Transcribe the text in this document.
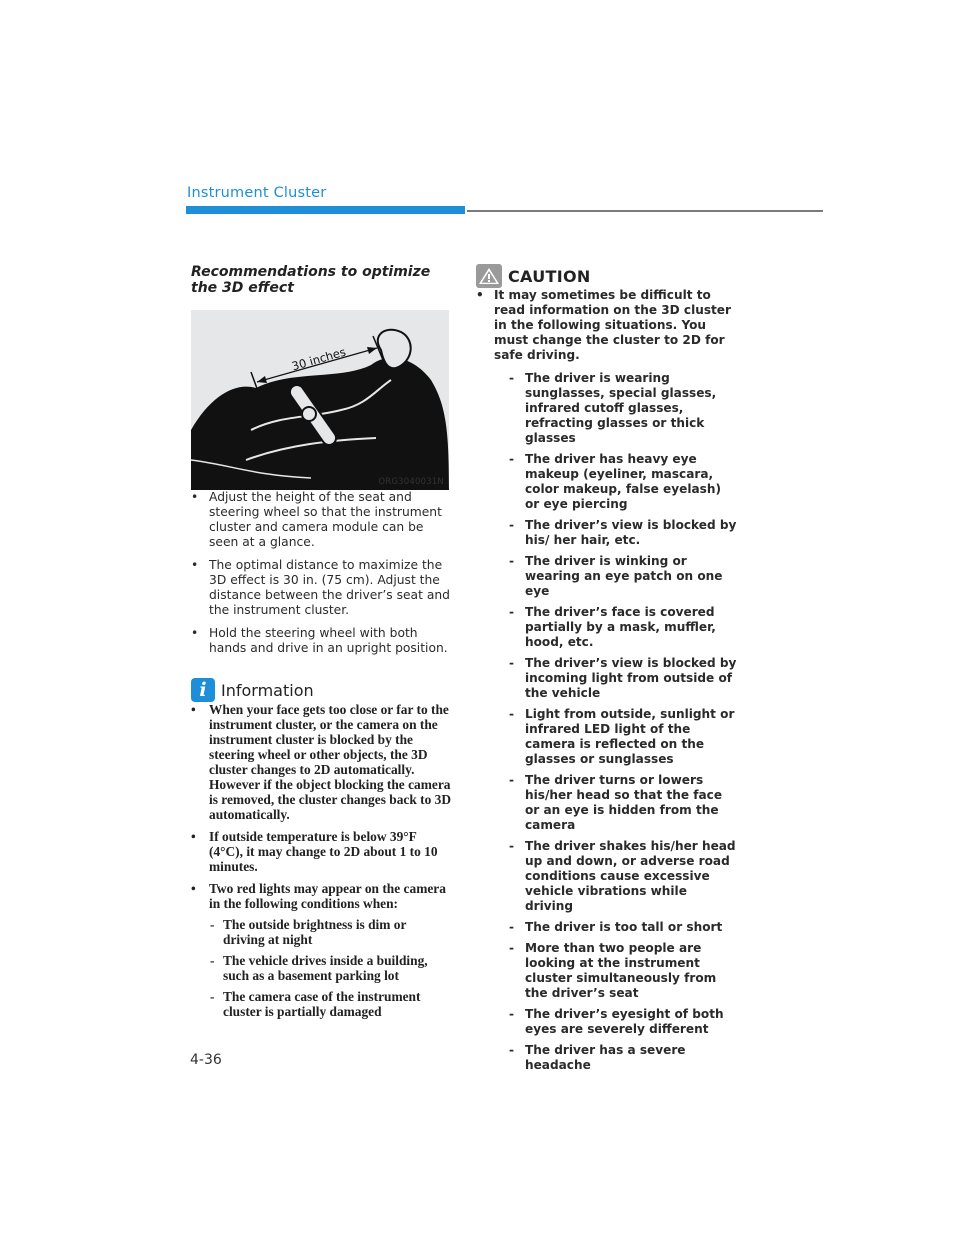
Instrument Cluster
Recommendations to optimize the 3D effect
30 inches
ORG3040031N
• Adjust the height of the seat and steering wheel so that the instrument cluster and camera module can be seen at a glance.
• The optimal distance to maximize the 3D effect is 30 in. (75 cm). Adjust the distance between the driver’s seat and the instrument cluster.
• Hold the steering wheel with both hands and drive in an upright position.
i Information
• When your face gets too close or far to the instrument cluster, or the camera on the instrument cluster is blocked by the steering wheel or other objects, the 3D cluster changes to 2D automatically. However if the object blocking the camera is removed, the cluster changes back to 3D automatically.
• If outside temperature is below 39°F (4°C), it may change to 2D about 1 to 10 minutes.
• Two red lights may appear on the camera in the following conditions when:
- The outside brightness is dim or driving at night
- The vehicle drives inside a building, such as a basement parking lot
- The camera case of the instrument cluster is partially damaged
CAUTION
• It may sometimes be difficult to read information on the 3D cluster in the following situations. You must change the cluster to 2D for safe driving.
- The driver is wearing sunglasses, special glasses, infrared cutoff glasses, refracting glasses or thick glasses
- The driver has heavy eye makeup (eyeliner, mascara, color makeup, false eyelash) or eye piercing
- The driver’s view is blocked by his/ her hair, etc.
- The driver is winking or wearing an eye patch on one eye
- The driver’s face is covered partially by a mask, muffler, hood, etc.
- The driver’s view is blocked by incoming light from outside of the vehicle
- Light from outside, sunlight or infrared LED light of the camera is reflected on the glasses or sunglasses
- The driver turns or lowers his/her head so that the face or an eye is hidden from the camera
- The driver shakes his/her head up and down, or adverse road conditions cause excessive vehicle vibrations while driving
- The driver is too tall or short
- More than two people are looking at the instrument cluster simultaneously from the driver’s seat
- The driver’s eyesight of both eyes are severely different
- The driver has a severe headache
4-36
